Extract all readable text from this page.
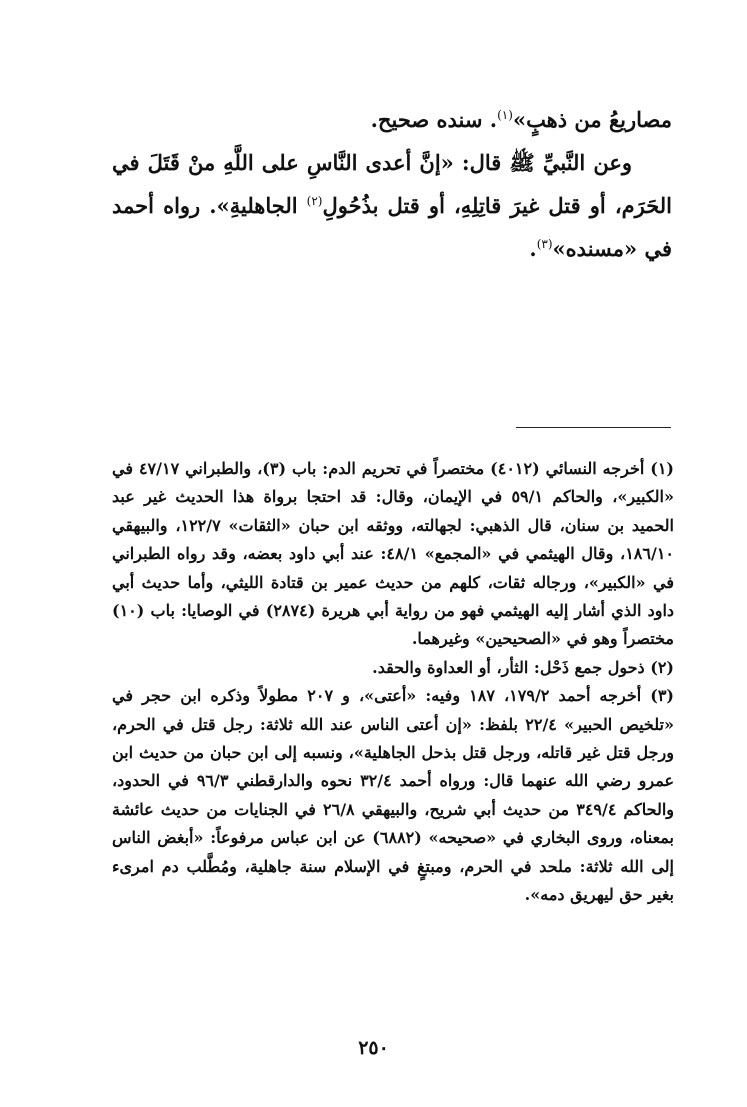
مصاريعُ من ذهبٍ»$^{(١)}$. سنده صحيح.

وعن النَّبيِّ ﷺ قال: «إنَّ أعدى النَّاسِ على اللَّهِ منْ قَتَلَ في الحَرَم، أو قتل غيرَ قاتِلِهِ، أو قتل بذُحُولِ$^{(٢)}$ الجاهليةِ». رواه أحمد في «مسنده»$^{(٣)}$.

(١) أخرجه النسائي (٤٠١٢) مختصراً في تحريم الدم: باب (٣)، والطبراني ٤٧/١٧ في «الكبير»، والحاكم ٥٩/١ في الإيمان، وقال: قد احتجا برواة هذا الحديث غير عبد الحميد بن سنان، قال الذهبي: لجهالته، ووثقه ابن حبان «الثقات» ١٢٢/٧، والبيهقي ١٨٦/١٠، وقال الهيثمي في «المجمع» ٤٨/١: عند أبي داود بعضه، وقد رواه الطبراني في «الكبير»، ورجاله ثقات، كلهم من حديث عمير بن قتادة الليثي، وأما حديث أبي داود الذي أشار إليه الهيثمي فهو من رواية أبي هريرة (٢٨٧٤) في الوصايا: باب (١٠) مختصراً وهو في «الصحيحين» وغيرهما.

(٢) ذحول جمع ذَحْل: الثأر، أو العداوة والحقد.

(٣) أخرجه أحمد ١٧٩/٢، ١٨٧ وفيه: «أعتى»، و ٢٠٧ مطولاً وذكره ابن حجر في «تلخيص الحبير» ٢٢/٤ بلفظ: «إن أعتى الناس عند الله ثلاثة: رجل قتل في الحرم، ورجل قتل غير قاتله، ورجل قتل بذحل الجاهلية»، ونسبه إلى ابن حبان من حديث ابن عمرو رضي الله عنهما قال: ورواه أحمد ٣٢/٤ نحوه والدارقطني ٩٦/٣ في الحدود، والحاكم ٣٤٩/٤ من حديث أبي شريح، والبيهقي ٢٦/٨ في الجنايات من حديث عائشة بمعناه، وروى البخاري في «صحيحه» (٦٨٨٢) عن ابن عباس مرفوعاً: «أبغض الناس إلى الله ثلاثة: ملحد في الحرم، ومبتغٍ في الإسلام سنة جاهلية، ومُطَّلب دم امرىء بغير حق ليهريق دمه».

٢٥٠
